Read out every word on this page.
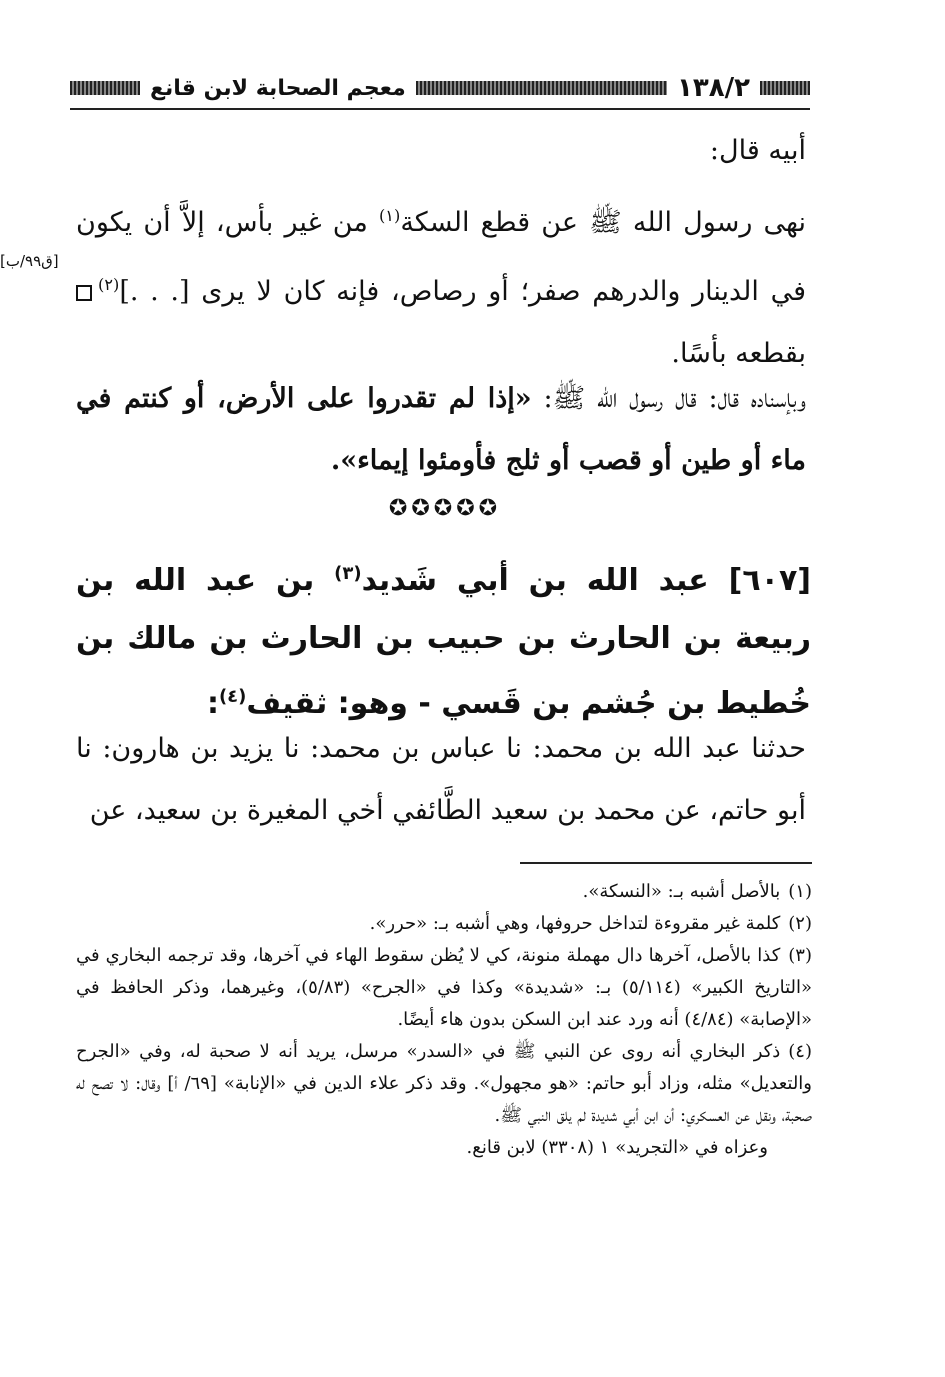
١٣٨/٢
معجم الصحابة لابن قانع
أبيه قال:
نهى رسول الله ﷺ عن قطع السكة$^{(١)}$ من غير بأس، إلاَّ أن يكون في الدينار والدرهم صفر؛ أو رصاص، فإنه كان لا يرى [. . .]$^{(٢)}$ بقطعه بأسًا.
[ق٩٩/ب]
وبإسناده قال: قال رسول الله ﷺ: «إذا لم تقدروا على الأرض، أو كنتم في ماء أو طين أو قصب أو ثلج فأومئوا إيماء».
✪✪✪✪✪
[٦٠٧] عبد الله بن أبي شَديد$^{(٣)}$ بن عبد الله بن ربيعة بن الحارث بن حبيب بن الحارث بن مالك بن خُطيط بن جُشم بن قَسي - وهو: ثقيف$^{(٤)}$:
حدثنا عبد الله بن محمد: نا عباس بن محمد: نا يزيد بن هارون: نا أبو حاتم، عن محمد بن سعيد الطَّائفي أخي المغيرة بن سعيد، عن

(١)بالأصل أشبه بـ: «النسكة».

(٢)كلمة غير مقروءة لتداخل حروفها، وهي أشبه بـ: «حرر».

(٣)كذا بالأصل، آخرها دال مهملة منونة، كي لا يُظن سقوط الهاء في آخرها، وقد ترجمه البخاري في «التاريخ الكبير» (٥/١١٤) بـ: «شديدة» وكذا في «الجرح» (٥/٨٣)، وغيرهما، وذكر الحافظ في «الإصابة» (٤/٨٤) أنه ورد عند ابن السكن بدون هاء أيضًا.

(٤)ذكر البخاري أنه روى عن النبي ﷺ في «السدر» مرسل، يريد أنه لا صحبة له، وفي «الجرح والتعديل» مثله، وزاد أبو حاتم: «هو مجهول». وقد ذكر علاء الدين في «الإنابة» [٦٩/ أ] وقال: لا تصح له صحبة، ونقل عن العسكري: أن ابن أبي شديدة لم يلق النبي ﷺ.

وعزاه في «التجريد» ١ (٣٣٠٨) لابن قانع.
